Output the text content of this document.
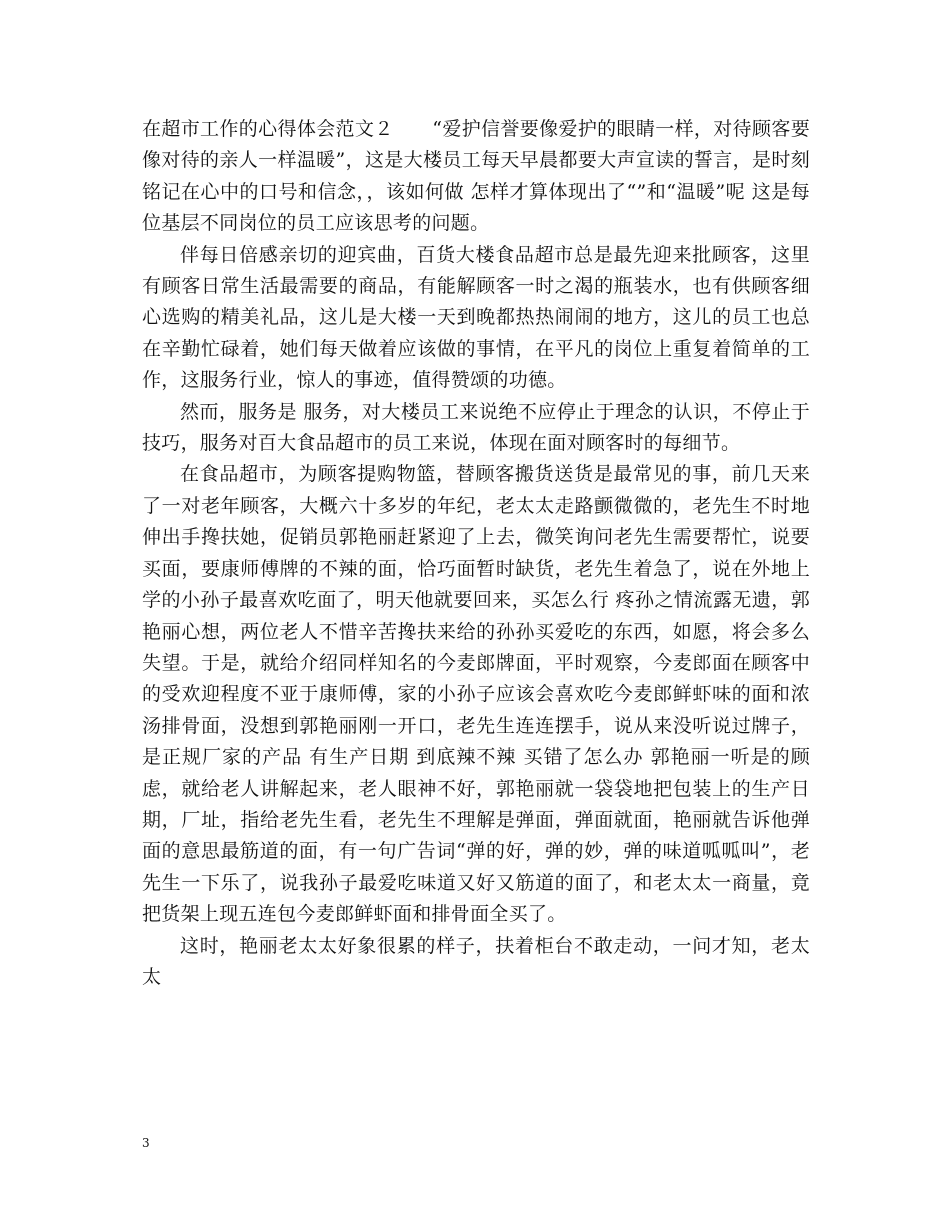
在超市工作的心得体会范文２　　“爱护信誉要像爱护的眼睛一样，对待顾客要像对待的亲人一样温暖”，这是大楼员工每天早晨都要大声宣读的誓言，是时刻铭记在心中的口号和信念，，该如何做 怎样才算体现出了“”和“温暖”呢 这是每位基层不同岗位的员工应该思考的问题。

伴每日倍感亲切的迎宾曲，百货大楼食品超市总是最先迎来批顾客，这里有顾客日常生活最需要的商品，有能解顾客一时之渴的瓶装水，也有供顾客细心选购的精美礼品，这儿是大楼一天到晚都热热闹闹的地方，这儿的员工也总在辛勤忙碌着，她们每天做着应该做的事情，在平凡的岗位上重复着简单的工作，这服务行业，惊人的事迹，值得赞颂的功德。

然而，服务是 服务，对大楼员工来说绝不应停止于理念的认识，不停止于技巧，服务对百大食品超市的员工来说，体现在面对顾客时的每细节。

在食品超市，为顾客提购物篮，替顾客搬货送货是最常见的事，前几天来了一对老年顾客，大概六十多岁的年纪，老太太走路颤微微的，老先生不时地伸出手搀扶她，促销员郭艳丽赶紧迎了上去，微笑询问老先生需要帮忙，说要买面，要康师傅牌的不辣的面，恰巧面暂时缺货，老先生着急了，说在外地上学的小孙子最喜欢吃面了，明天他就要回来，买怎么行 疼孙之情流露无遗，郭艳丽心想，两位老人不惜辛苦搀扶来给的孙孙买爱吃的东西，如愿，将会多么失望。于是，就给介绍同样知名的今麦郎牌面，平时观察，今麦郎面在顾客中的受欢迎程度不亚于康师傅，家的小孙子应该会喜欢吃今麦郎鲜虾味的面和浓汤排骨面，没想到郭艳丽刚一开口，老先生连连摆手，说从来没听说过牌子，是正规厂家的产品 有生产日期 到底辣不辣 买错了怎么办 郭艳丽一听是的顾虑，就给老人讲解起来，老人眼神不好，郭艳丽就一袋袋地把包装上的生产日期，厂址，指给老先生看，老先生不理解是弹面，弹面就面，艳丽就告诉他弹面的意思最筋道的面，有一句广告词“弹的好，弹的妙，弹的味道呱呱叫”，老先生一下乐了，说我孙子最爱吃味道又好又筋道的面了，和老太太一商量，竟把货架上现五连包今麦郎鲜虾面和排骨面全买了。

这时，艳丽老太太好象很累的样子，扶着柜台不敢走动，一问才知，老太太

3
